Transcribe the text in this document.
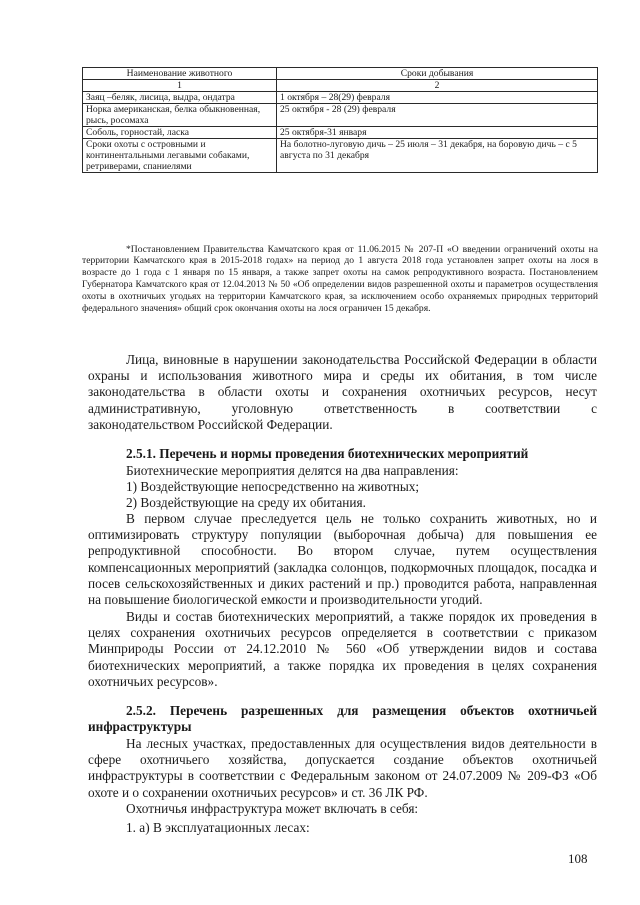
Наименование животного	Сроки добывания
1	2
Заяц –беляк, лисица, выдра, ондатра	1 октября – 28(29) февраля
Норка американская, белка обыкновенная, рысь, росомаха	25 октября - 28 (29) февраля
Соболь, горностай, ласка	25 октября-31 января
Сроки охоты с островными и континентальными легавыми собаками, ретриверами, спаниелями	На болотно-луговую дичь – 25 июля – 31 декабря, на боровую дичь – с 5 августа по 31 декабря

*Постановлением Правительства Камчатского края от 11.06.2015 № 207-П «О введении ограничений охоты на территории Камчатского края в 2015-2018 годах» на период до 1 августа 2018 года установлен запрет охоты на лося в возрасте до 1 года с 1 января по 15 января, а также запрет охоты на самок репродуктивного возраста. Постановлением Губернатора Камчатского края от 12.04.2013 № 50 «Об определении видов разрешенной охоты и параметров осуществления охоты в охотничьих угодьях на территории Камчатского края, за исключением особо охраняемых природных территорий федерального значения» общий срок окончания охоты на лося ограничен 15 декабря.

Лица, виновные в нарушении законодательства Российской Федерации в области охраны и использования животного мира и среды их обитания, в том числе законодательства в области охоты и сохранения охотничьих ресурсов, несут административную, уголовную ответственность в соответствии с

законодательством Российской Федерации.

2.5.1. Перечень и нормы проведения биотехнических мероприятий

Биотехнические мероприятия делятся на два направления:

1) Воздействующие непосредственно на животных;

2) Воздействующие на среду их обитания.

В первом случае преследуется цель не только сохранить животных, но и оптимизировать структуру популяции (выборочная добыча) для повышения ее репродуктивной способности. Во втором случае, путем осуществления компенсационных мероприятий (закладка солонцов, подкормочных площадок, посадка и посев сельскохозяйственных и диких растений и пр.) проводится работа, направленная на повышение биологической емкости и производительности угодий.

Виды и состав биотехнических мероприятий, а также порядок их проведения в целях сохранения охотничьих ресурсов определяется в соответствии с приказом Минприроды России от 24.12.2010 № 560 «Об утверждении видов и состава биотехнических мероприятий, а также порядка их проведения в целях сохранения охотничьих ресурсов».

2.5.2. Перечень разрешенных для размещения объектов охотничьей

инфраструктуры

На лесных участках, предоставленных для осуществления видов деятельности в сфере охотничьего хозяйства, допускается создание объектов охотничьей инфраструктуры в соответствии с Федеральным законом от 24.07.2009 № 209-ФЗ «Об охоте и о сохранении охотничьих ресурсов» и ст. 36 ЛК РФ.

Охотничья инфраструктура может включать в себя:

1. а) В эксплуатационных лесах:

108
